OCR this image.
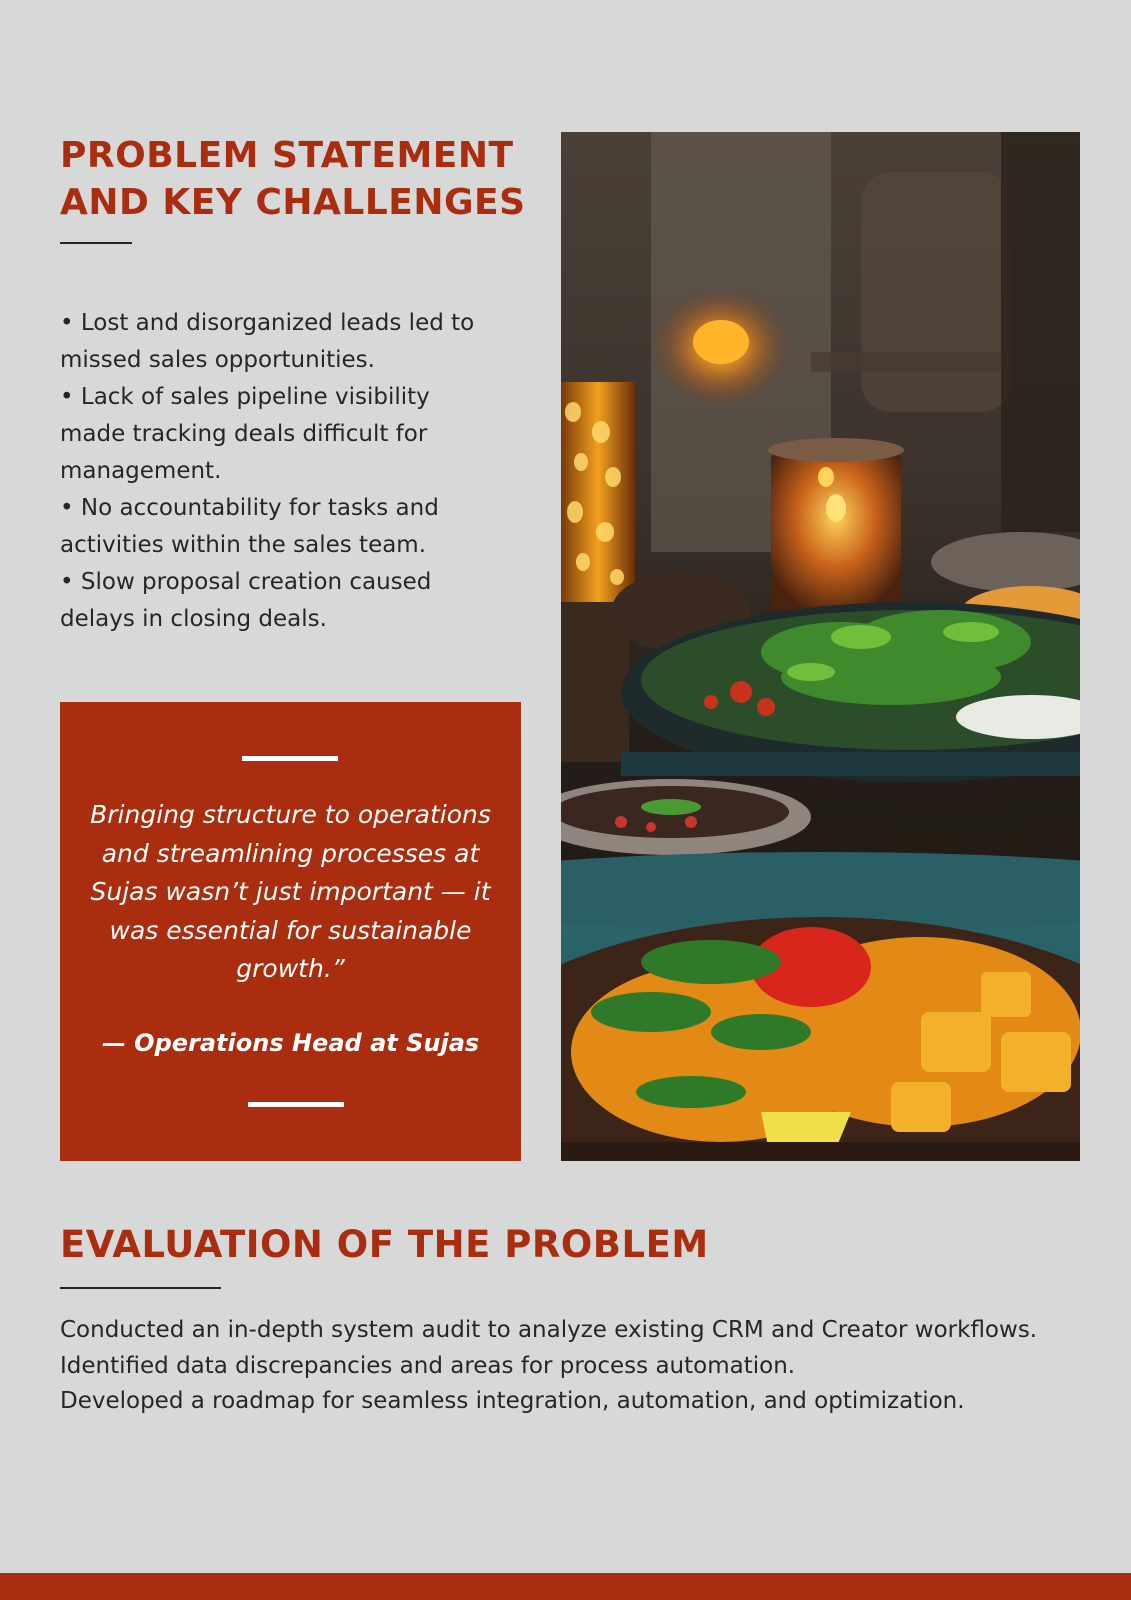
PROBLEM STATEMENT
AND KEY CHALLENGES
• Lost and disorganized leads led to missed sales opportunities.
• Lack of sales pipeline visibility made tracking deals difficult for management.
• No accountability for tasks and activities within the sales team.
• Slow proposal creation caused delays in closing deals.

Bringing structure to operations and streamlining processes at Sujas wasn’t just important — it was essential for sustainable growth.”

— Operations Head at Sujas

EVALUATION OF THE PROBLEM

Conducted an in-depth system audit to analyze existing CRM and Creator workflows.
Identified data discrepancies and areas for process automation.
Developed a roadmap for seamless integration, automation, and optimization.
